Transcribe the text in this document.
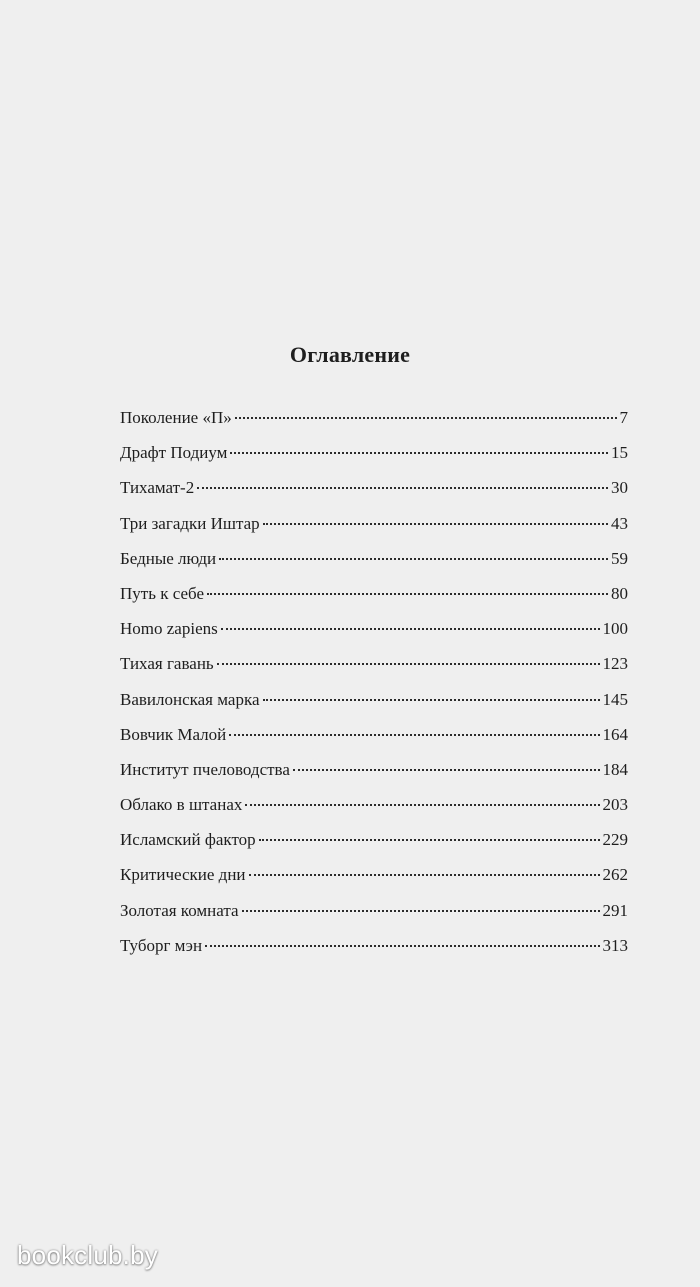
Оглавление
Поколение «П»	7
Драфт Подиум	15
Тихамат-2	30
Три загадки Иштар	43
Бедные люди	59
Путь к себе	80
Homo zapiens	100
Тихая гавань	123
Вавилонская марка	145
Вовчик Малой	164
Институт пчеловодства	184
Облако в штанах	203
Исламский фактор	229
Критические дни	262
Золотая комната	291
Туборг мэн	313
bookclub.by
